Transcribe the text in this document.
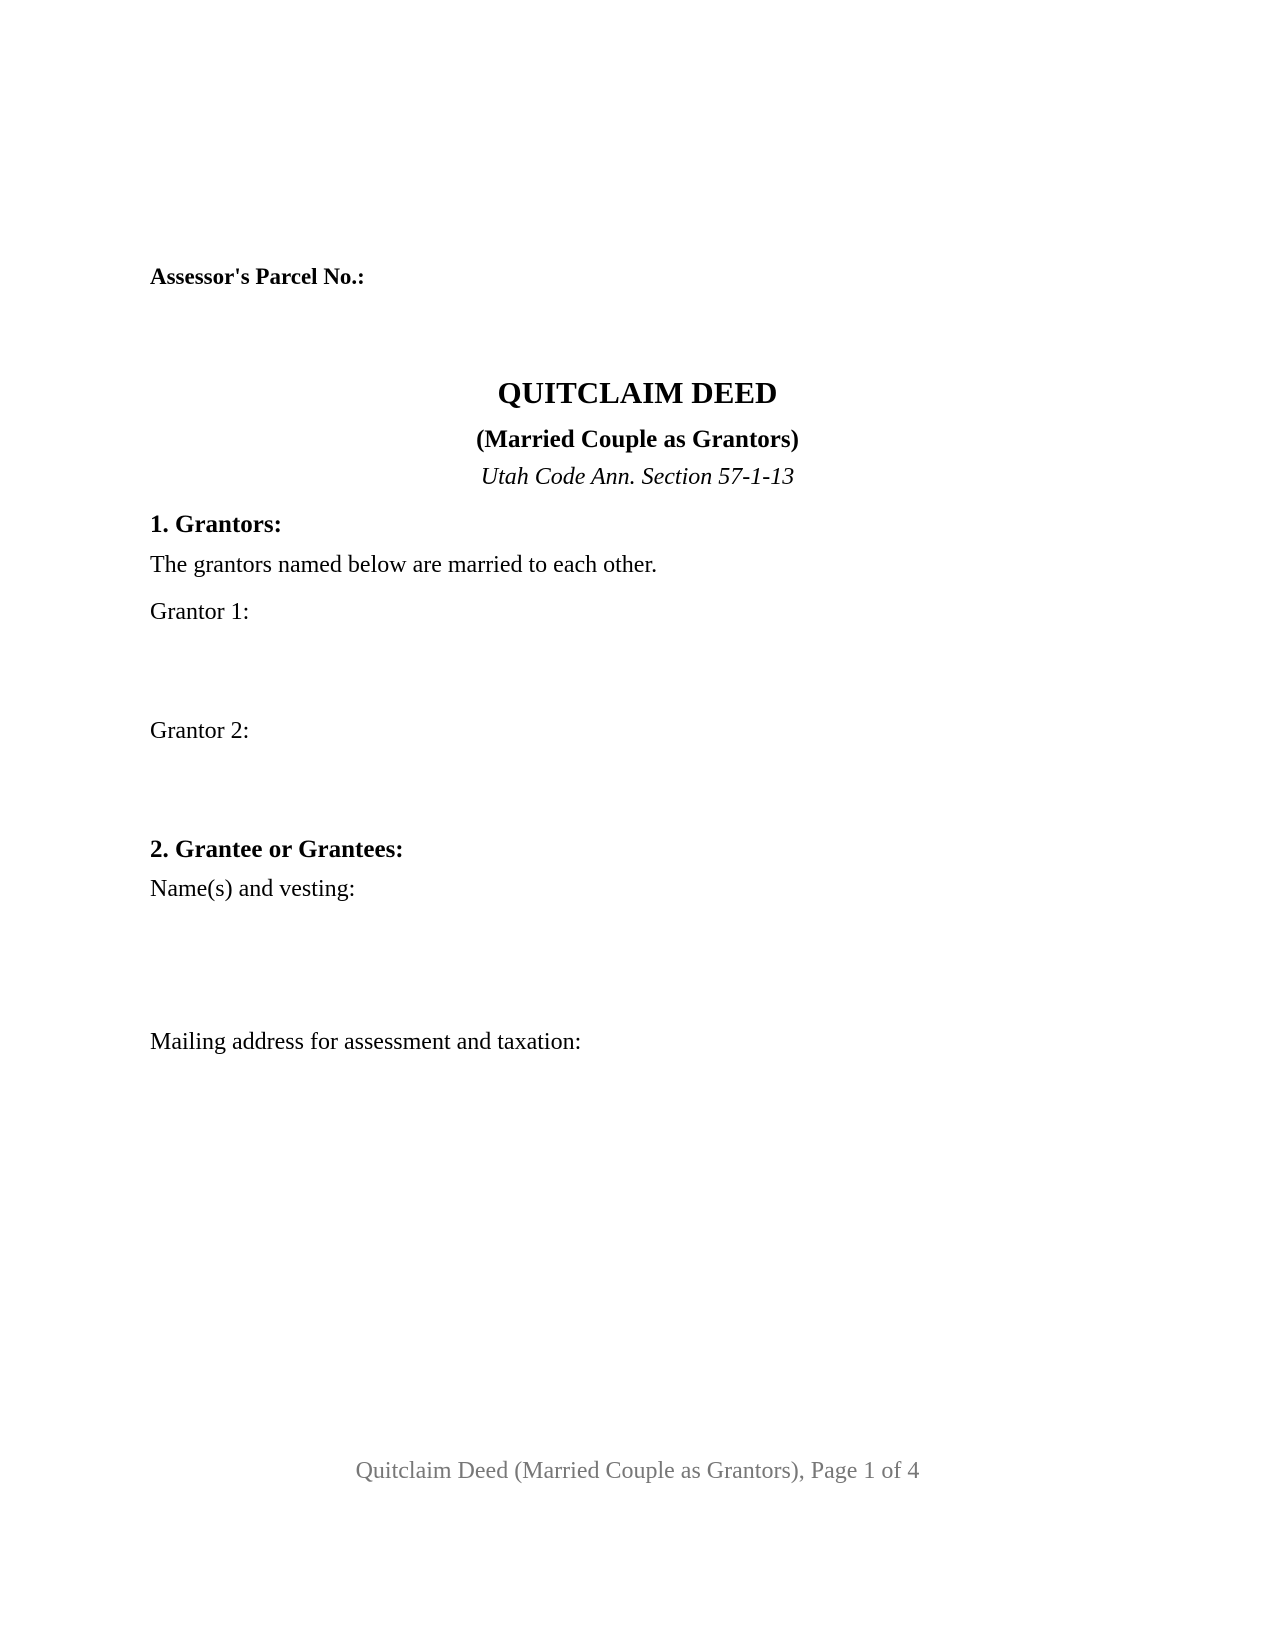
Assessor's Parcel No.:

QUITCLAIM DEED

(Married Couple as Grantors)

Utah Code Ann. Section 57-1-13

1. Grantors:

The grantors named below are married to each other.

Grantor 1:

Grantor 2:

2. Grantee or Grantees:

Name(s) and vesting:

Mailing address for assessment and taxation:

Quitclaim Deed (Married Couple as Grantors), Page 1 of 4
